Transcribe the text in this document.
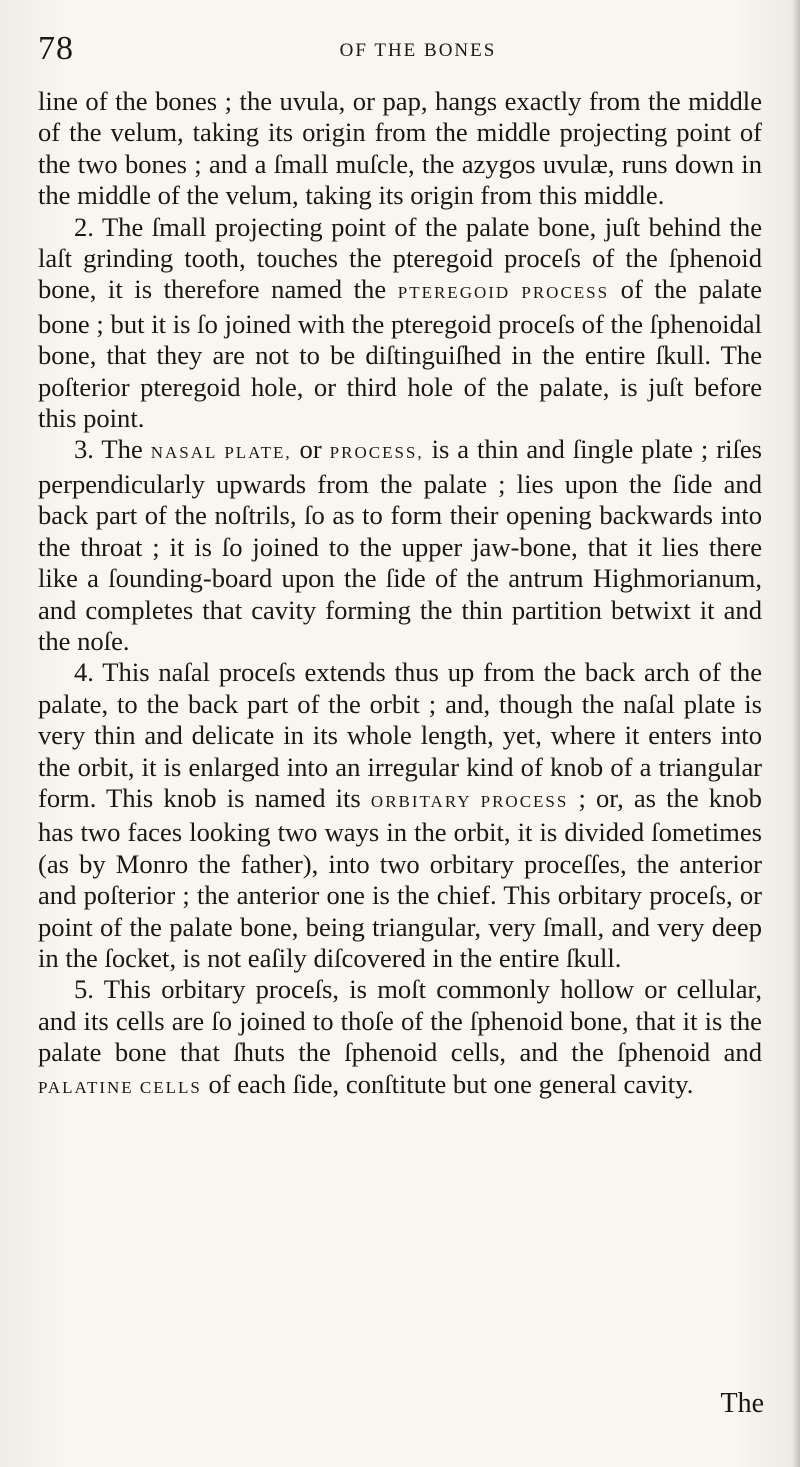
78	OF THE BONES

line of the bones ; the uvula, or pap, hangs exactly from the middle of the velum, taking its origin from the middle projecting point of the two bones ; and a ſmall muſcle, the azygos uvulæ, runs down in the middle of the velum, taking its origin from this middle.

2. The ſmall projecting point of the palate bone, juſt behind the laſt grinding tooth, touches the pteregoid proceſs of the ſphenoid bone, it is therefore named the PTEREGOID PROCESS of the palate bone ; but it is ſo joined with the pteregoid proceſs of the ſphenoidal bone, that they are not to be diſtinguiſhed in the entire ſkull. The poſterior pteregoid hole, or third hole of the palate, is juſt before this point.

3. The NASAL PLATE, or PROCESS, is a thin and ſingle plate ; riſes perpendicularly upwards from the palate ; lies upon the ſide and back part of the noſtrils, ſo as to form their opening backwards into the throat ; it is ſo joined to the upper jaw-bone, that it lies there like a ſounding-board upon the ſide of the antrum Highmorianum, and completes that cavity forming the thin partition betwixt it and the noſe.

4. This naſal proceſs extends thus up from the back arch of the palate, to the back part of the orbit ; and, though the naſal plate is very thin and delicate in its whole length, yet, where it enters into the orbit, it is enlarged into an irregular kind of knob of a triangular form. This knob is named its ORBITARY PROCESS ; or, as the knob has two faces looking two ways in the orbit, it is divided ſometimes (as by Monro the father), into two orbitary proceſſes, the anterior and poſterior ; the anterior one is the chief. This orbitary proceſs, or point of the palate bone, being triangular, very ſmall, and very deep in the ſocket, is not eaſily diſcovered in the entire ſkull.

5. This orbitary proceſs, is moſt commonly hollow or cellular, and its cells are ſo joined to thoſe of the ſphenoid bone, that it is the palate bone that ſhuts the ſphenoid cells, and the ſphenoid and PALATINE CELLS of each ſide, conſtitute but one general cavity.

The
